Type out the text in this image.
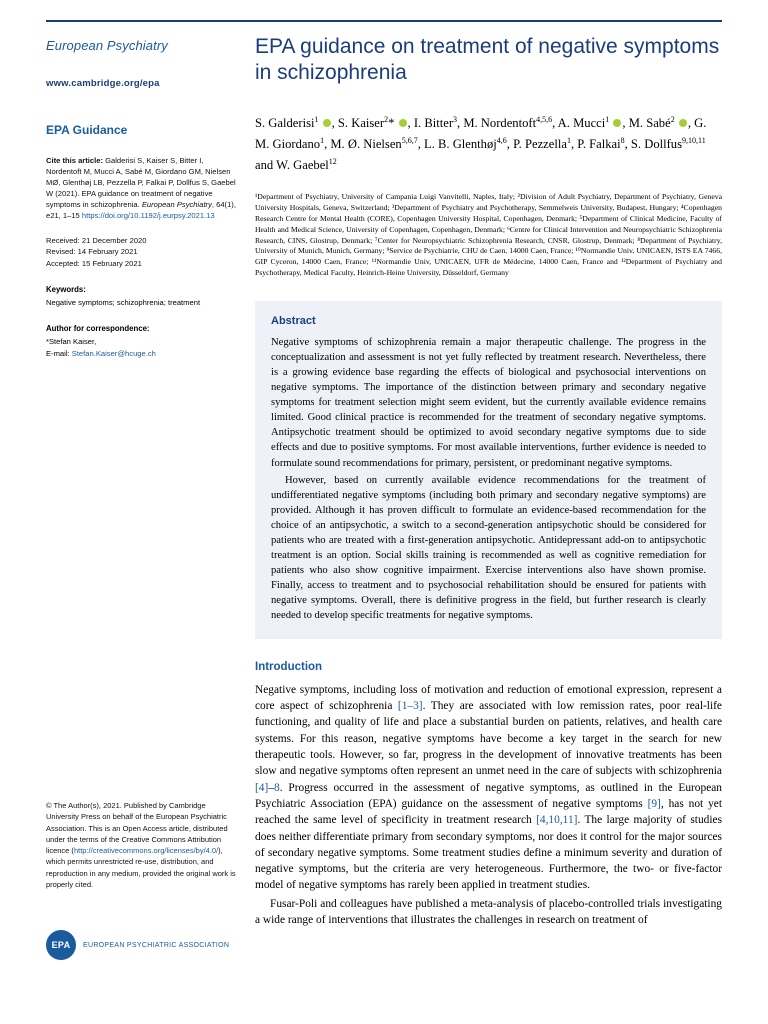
European Psychiatry
www.cambridge.org/epa
EPA Guidance
Cite this article: Galderisi S, Kaiser S, Bitter I, Nordentoft M, Mucci A, Sabé M, Giordano GM, Nielsen MØ, Glenthøj LB, Pezzella P, Falkai P, Dollfus S, Gaebel W (2021). EPA guidance on treatment of negative symptoms in schizophrenia. European Psychiatry, 64(1), e21, 1–15 https://doi.org/10.1192/j.eurpsy.2021.13
Received: 21 December 2020
Revised: 14 February 2021
Accepted: 15 February 2021
Keywords:
Negative symptoms; schizophrenia; treatment
Author for correspondence:
*Stefan Kaiser,
E-mail: Stefan.Kaiser@hcuge.ch
© The Author(s), 2021. Published by Cambridge University Press on behalf of the European Psychiatric Association. This is an Open Access article, distributed under the terms of the Creative Commons Attribution licence (http://creativecommons.org/licenses/by/4.0/), which permits unrestricted re-use, distribution, and reproduction in any medium, provided the original work is properly cited.
EPA	EUROPEAN PSYCHIATRIC ASSOCIATION
EPA guidance on treatment of negative symptoms in schizophrenia
S. Galderisi$^1$ , S. Kaiser$^2$* , I. Bitter$^3$, M. Nordentoft$^{4,5,6}$, A. Mucci$^1$ , M. Sabé$^2$ , G. M. Giordano$^1$, M. Ø. Nielsen$^{5,6,7}$, L. B. Glenthøj$^{4,6}$, P. Pezzella$^1$, P. Falkai$^8$, S. Dollfus$^{9,10,11}$ and W. Gaebel$^{12}$
¹Department of Psychiatry, University of Campania Luigi Vanvitelli, Naples, Italy; ²Division of Adult Psychiatry, Department of Psychiatry, Geneva University Hospitals, Geneva, Switzerland; ³Department of Psychiatry and Psychotherapy, Semmelweis University, Budapest, Hungary; ⁴Copenhagen Research Centre for Mental Health (CORE), Copenhagen University Hospital, Copenhagen, Denmark; ⁵Department of Clinical Medicine, Faculty of Health and Medical Science, University of Copenhagen, Copenhagen, Denmark; ⁶Centre for Clinical Intervention and Neuropsychiatric Schizophrenia Research, CINS, Glostrup, Denmark; ⁷Center for Neuropsychiatric Schizophrenia Research, CNSR, Glostrup, Denmark; ⁸Department of Psychiatry, University of Munich, Munich, Germany; ⁹Service de Psychiatrie, CHU de Caen, 14000 Caen, France; ¹⁰Normandie Univ, UNICAEN, ISTS EA 7466, GIP Cyceron, 14000 Caen, France; ¹¹Normandie Univ, UNICAEN, UFR de Médecine, 14000 Caen, France and ¹²Department of Psychiatry and Psychotherapy, Medical Faculty, Heinrich-Heine University, Düsseldorf, Germany
Abstract

Negative symptoms of schizophrenia remain a major therapeutic challenge. The progress in the conceptualization and assessment is not yet fully reflected by treatment research. Nevertheless, there is a growing evidence base regarding the effects of biological and psychosocial interventions on negative symptoms. The importance of the distinction between primary and secondary negative symptoms for treatment selection might seem evident, but the currently available evidence remains limited. Good clinical practice is recommended for the treatment of secondary negative symptoms. Antipsychotic treatment should be optimized to avoid secondary negative symptoms due to side effects and due to positive symptoms. For most available interventions, further evidence is needed to formulate sound recommendations for primary, persistent, or predominant negative symptoms.

However, based on currently available evidence recommendations for the treatment of undifferentiated negative symptoms (including both primary and secondary negative symptoms) are provided. Although it has proven difficult to formulate an evidence-based recommendation for the choice of an antipsychotic, a switch to a second-generation antipsychotic should be considered for patients who are treated with a first-generation antipsychotic. Antidepressant add-on to antipsychotic treatment is an option. Social skills training is recommended as well as cognitive remediation for patients who also show cognitive impairment. Exercise interventions also have shown promise. Finally, access to treatment and to psychosocial rehabilitation should be ensured for patients with negative symptoms. Overall, there is definitive progress in the field, but further research is clearly needed to develop specific treatments for negative symptoms.

Introduction

Negative symptoms, including loss of motivation and reduction of emotional expression, represent a core aspect of schizophrenia [1–3]. They are associated with low remission rates, poor real-life functioning, and quality of life and place a substantial burden on patients, relatives, and health care systems. For this reason, negative symptoms have become a key target in the search for new therapeutic tools. However, so far, progress in the development of innovative treatments has been slow and negative symptoms often represent an unmet need in the care of subjects with schizophrenia [4]–8. Progress occurred in the assessment of negative symptoms, as outlined in the European Psychiatric Association (EPA) guidance on the assessment of negative symptoms [9], has not yet reached the same level of specificity in treatment research [4,10,11]. The large majority of studies does neither differentiate primary from secondary symptoms, nor does it control for the major sources of secondary negative symptoms. Some treatment studies define a minimum severity and duration of negative symptoms, but the criteria are very heterogeneous. Furthermore, the two- or five-factor model of negative symptoms has rarely been applied in treatment studies.

Fusar-Poli and colleagues have published a meta-analysis of placebo-controlled trials investigating a wide range of interventions that illustrates the challenges in research on treatment of
